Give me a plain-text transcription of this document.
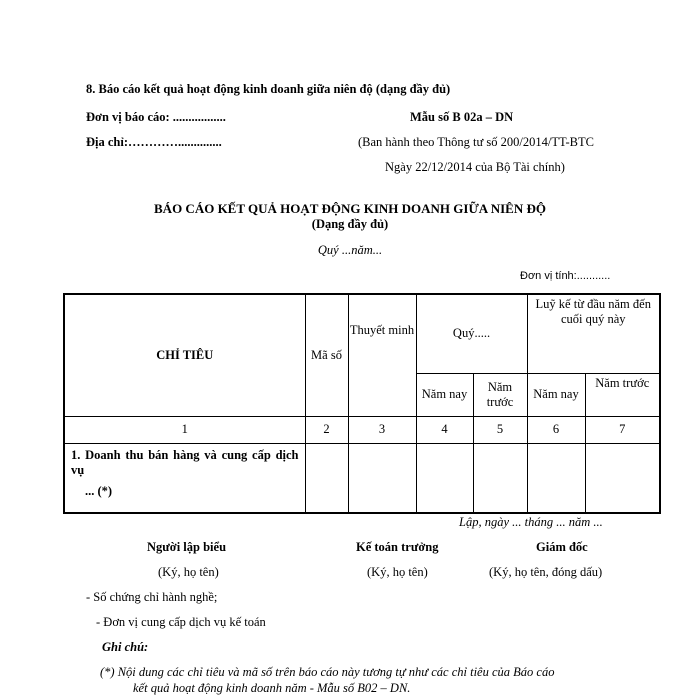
8. Báo cáo kết quả hoạt động kinh doanh giữa niên độ (dạng đầy đủ)
Đơn vị báo cáo: .................
Địa chỉ:…………..............
Mẫu số B 02a – DN
(Ban hành theo Thông tư số 200/2014/TT-BTC
Ngày 22/12/2014 của Bộ Tài chính)
BÁO CÁO KẾT QUẢ HOẠT ĐỘNG KINH DOANH GIỮA NIÊN ĐỘ
(Dạng đầy đủ)
Quý ...năm...
Đơn vị tính:...........
CHỈ TIÊU	Mã số	Thuyết minh	Quý.....		Luỹ kế từ đầu năm đến cuối quý này	
			Năm nay	Năm trước	Năm nay	Năm trước
1	2	3	4	5	6	7

1. Doanh thu bán hàng và cung cấp dịch vụ
... (*)						

Lập, ngày ... tháng ... năm ...
Người lập biểu
(Ký, họ tên)
Kế toán trưởng
(Ký, họ tên)
Giám đốc
(Ký, họ tên, đóng dấu)
- Số chứng chỉ hành nghề;
- Đơn vị cung cấp dịch vụ kế toán
Ghi chú:
(*) Nội dung các chỉ tiêu và mã số trên báo cáo này tương tự như các chỉ tiêu của Báo cáo
kết quả hoạt động kinh doanh năm - Mẫu số B02 – DN.
